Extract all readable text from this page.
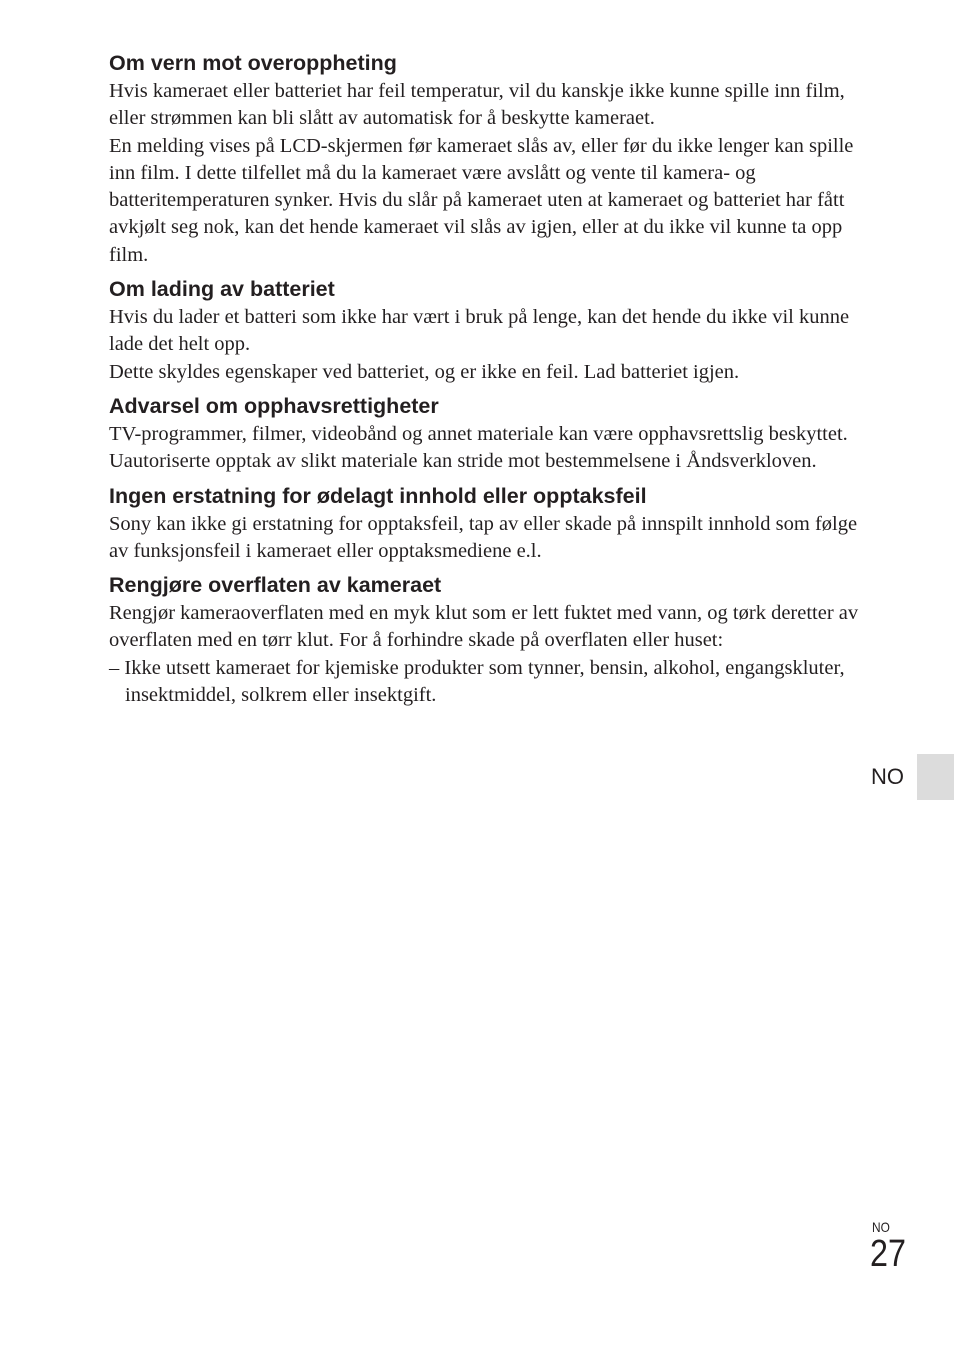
Om vern mot overoppheting

Hvis kameraet eller batteriet har feil temperatur, vil du kanskje ikke kunne spille inn film, eller strømmen kan bli slått av automatisk for å beskytte kameraet.

En melding vises på LCD-skjermen før kameraet slås av, eller før du ikke lenger kan spille inn film. I dette tilfellet må du la kameraet være avslått og vente til kamera- og batteritemperaturen synker. Hvis du slår på kameraet uten at kameraet og batteriet har fått avkjølt seg nok, kan det hende kameraet vil slås av igjen, eller at du ikke vil kunne ta opp film.

Om lading av batteriet

Hvis du lader et batteri som ikke har vært i bruk på lenge, kan det hende du ikke vil kunne lade det helt opp.

Dette skyldes egenskaper ved batteriet, og er ikke en feil. Lad batteriet igjen.

Advarsel om opphavsrettigheter

TV-programmer, filmer, videobånd og annet materiale kan være opphavsrettslig beskyttet. Uautoriserte opptak av slikt materiale kan stride mot bestemmelsene i Åndsverkloven.

Ingen erstatning for ødelagt innhold eller opptaksfeil

Sony kan ikke gi erstatning for opptaksfeil, tap av eller skade på innspilt innhold som følge av funksjonsfeil i kameraet eller opptaksmediene e.l.

Rengjøre overflaten av kameraet

Rengjør kameraoverflaten med en myk klut som er lett fuktet med vann, og tørk deretter av overflaten med en tørr klut. For å forhindre skade på overflaten eller huset:

– Ikke utsett kameraet for kjemiske produkter som tynner, bensin, alkohol, engangskluter, insektmiddel, solkrem eller insektgift.

NO
NO
27
